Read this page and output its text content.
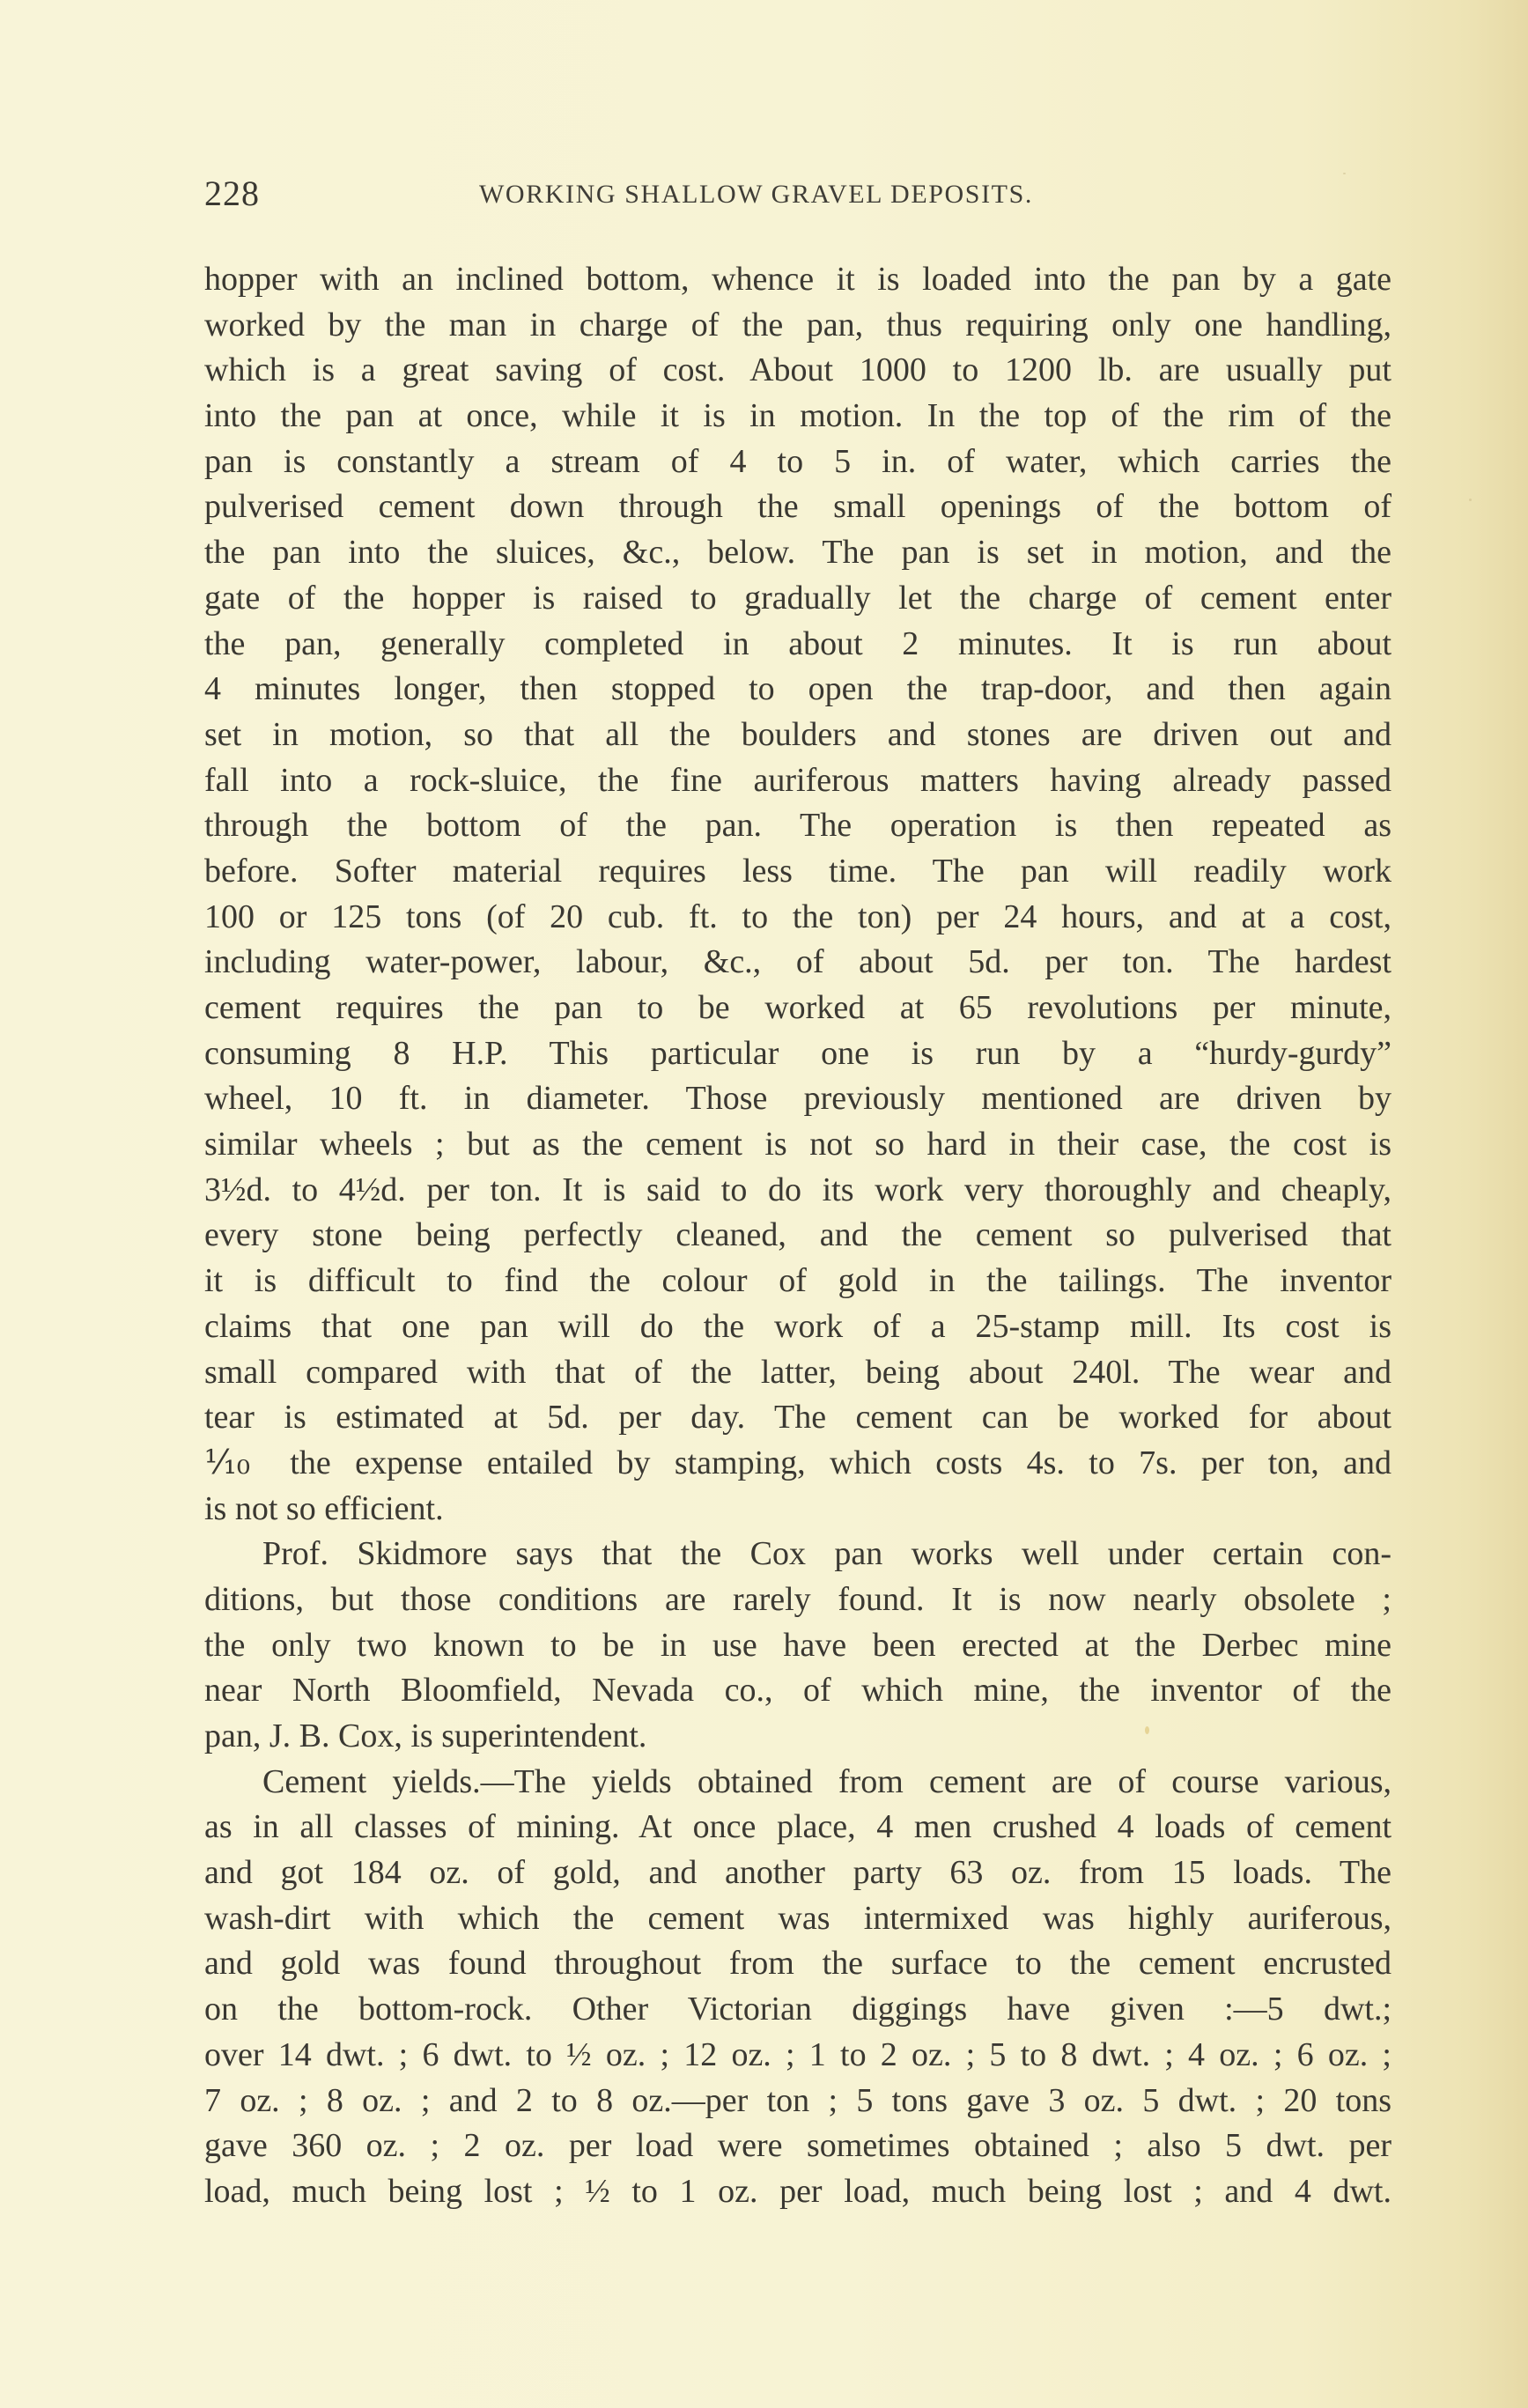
228	WORKING SHALLOW GRAVEL DEPOSITS.
hopper with an inclined bottom, whence it is loaded into the pan by a gate
worked by the man in charge of the pan, thus requiring only one handling,
which is a great saving of cost. About 1000 to 1200 lb. are usually put
into the pan at once, while it is in motion. In the top of the rim of the
pan is constantly a stream of 4 to 5 in. of water, which carries the
pulverised cement down through the small openings of the bottom of
the pan into the sluices, &c., below. The pan is set in motion, and the
gate of the hopper is raised to gradually let the charge of cement enter
the pan, generally completed in about 2 minutes. It is run about
4 minutes longer, then stopped to open the trap-door, and then again
set in motion, so that all the boulders and stones are driven out and
fall into a rock-sluice, the fine auriferous matters having already passed
through the bottom of the pan. The operation is then repeated as
before. Softer material requires less time. The pan will readily work
100 or 125 tons (of 20 cub. ft. to the ton) per 24 hours, and at a cost,
including water-power, labour, &c., of about 5d. per ton. The hardest
cement requires the pan to be worked at 65 revolutions per minute,
consuming 8 H.P. This particular one is run by a “hurdy-gurdy”
wheel, 10 ft. in diameter. Those previously mentioned are driven by
similar wheels ; but as the cement is not so hard in their case, the cost is
3½d. to 4½d. per ton. It is said to do its work very thoroughly and cheaply,
every stone being perfectly cleaned, and the cement so pulverised that
it is difficult to find the colour of gold in the tailings. The inventor
claims that one pan will do the work of a 25-stamp mill. Its cost is
small compared with that of the latter, being about 240l. The wear and
tear is estimated at 5d. per day. The cement can be worked for about
⅒ the expense entailed by stamping, which costs 4s. to 7s. per ton, and
is not so efficient.
Prof. Skidmore says that the Cox pan works well under certain con-
ditions, but those conditions are rarely found. It is now nearly obsolete ;
the only two known to be in use have been erected at the Derbec mine
near North Bloomfield, Nevada co., of which mine, the inventor of the
pan, J. B. Cox, is superintendent.
Cement yields.—The yields obtained from cement are of course various,
as in all classes of mining. At once place, 4 men crushed 4 loads of cement
and got 184 oz. of gold, and another party 63 oz. from 15 loads. The
wash-dirt with which the cement was intermixed was highly auriferous,
and gold was found throughout from the surface to the cement encrusted
on the bottom-rock. Other Victorian diggings have given :—5 dwt.;
over 14 dwt. ; 6 dwt. to ½ oz. ; 12 oz. ; 1 to 2 oz. ; 5 to 8 dwt. ; 4 oz. ; 6 oz. ;
7 oz. ; 8 oz. ; and 2 to 8 oz.—per ton ; 5 tons gave 3 oz. 5 dwt. ; 20 tons
gave 360 oz. ; 2 oz. per load were sometimes obtained ; also 5 dwt. per
load, much being lost ; ½ to 1 oz. per load, much being lost ; and 4 dwt.
